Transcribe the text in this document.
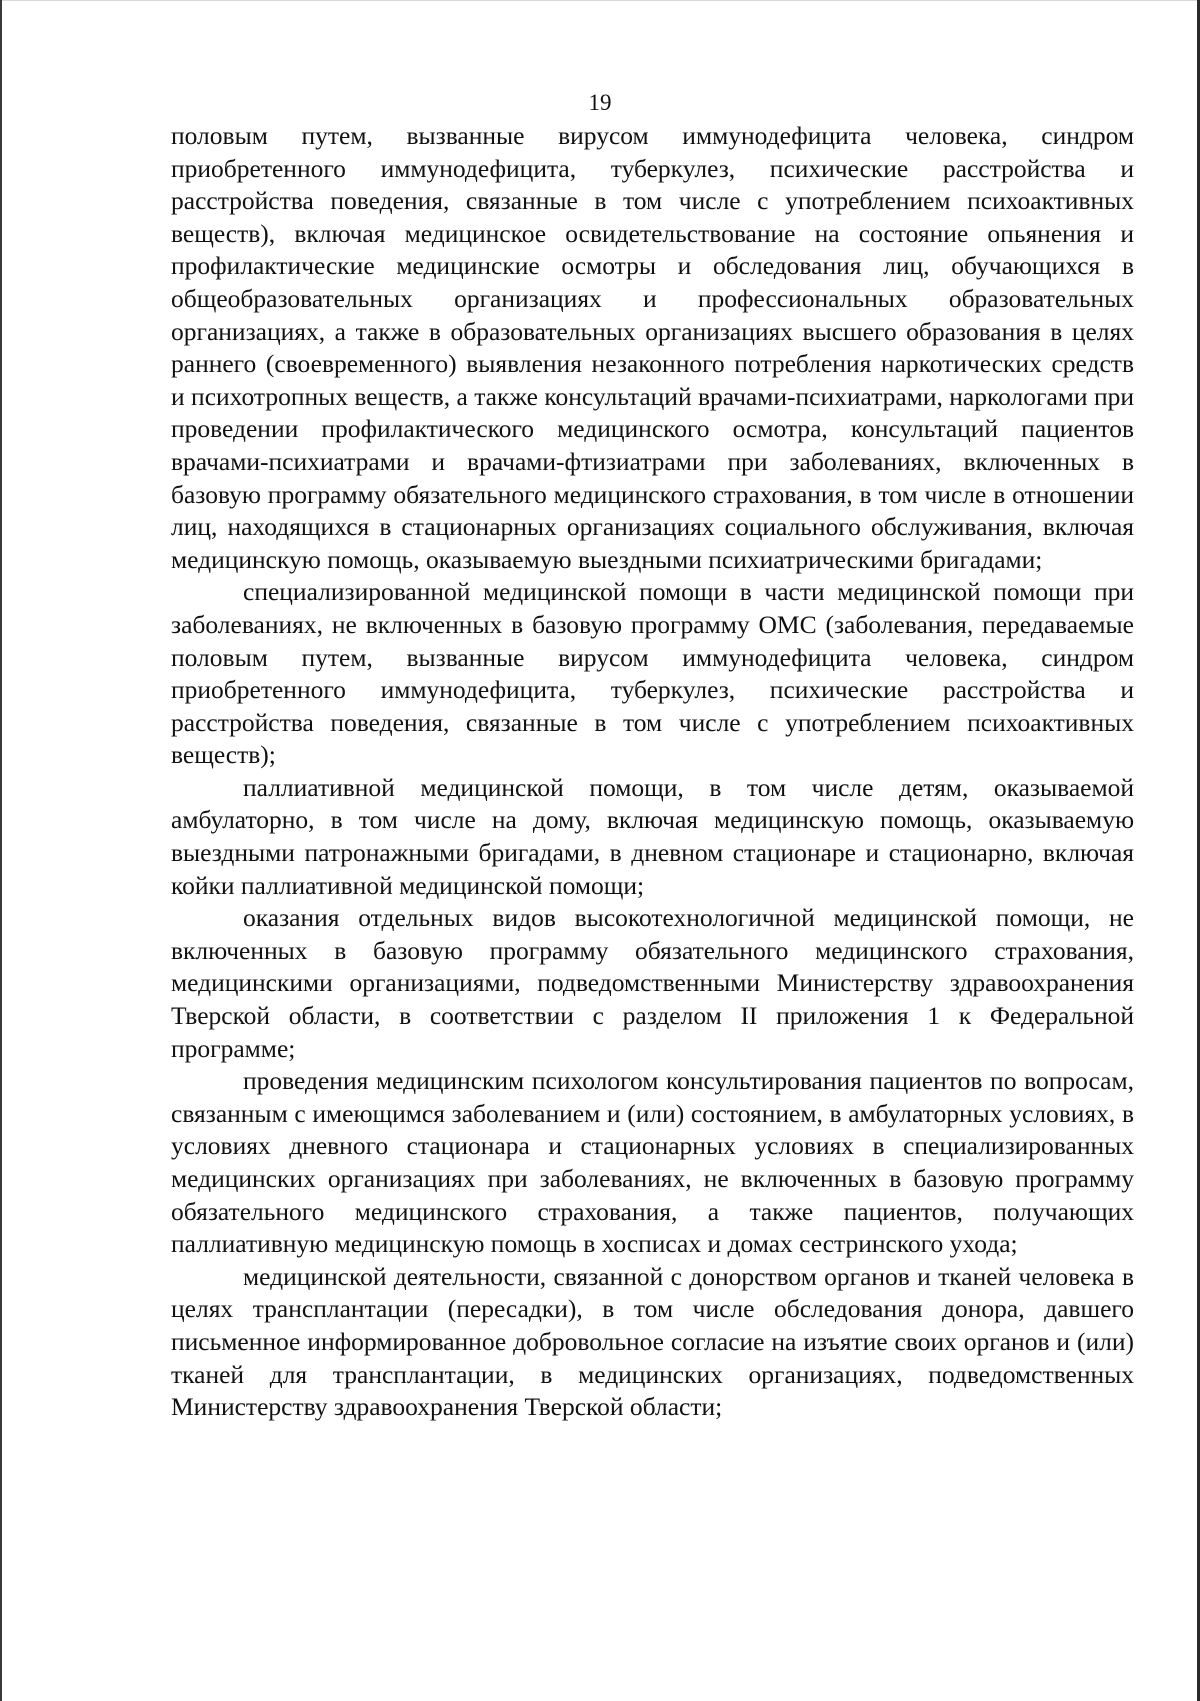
19

половым путем, вызванные вирусом иммунодефицита человека, синдром приобретенного иммунодефицита, туберкулез, психические расстройства и расстройства поведения, связанные в том числе с употреблением психоактивных веществ), включая медицинское освидетельствование на состояние опьянения и профилактические медицинские осмотры и обследования лиц, обучающихся в общеобразовательных организациях и профессиональных образовательных организациях, а также в образовательных организациях высшего образования в целях раннего (своевременного) выявления незаконного потребления наркотических средств и психотропных веществ, а также консультаций врачами-психиатрами, наркологами при проведении профилактического медицинского осмотра, консультаций пациентов врачами-психиатрами и врачами-фтизиатрами при заболеваниях, включенных в базовую программу обязательного медицинского страхования, в том числе в отношении лиц, находящихся в стационарных организациях социального обслуживания, включая медицинскую помощь, оказываемую выездными психиатрическими бригадами;

специализированной медицинской помощи в части медицинской помощи при заболеваниях, не включенных в базовую программу ОМС (заболевания, передаваемые половым путем, вызванные вирусом иммунодефицита человека, синдром приобретенного иммунодефицита, туберкулез, психические расстройства и расстройства поведения, связанные в том числе с употреблением психоактивных веществ);

паллиативной медицинской помощи, в том числе детям, оказываемой амбулаторно, в том числе на дому, включая медицинскую помощь, оказываемую выездными патронажными бригадами, в дневном стационаре и стационарно, включая койки паллиативной медицинской помощи;

оказания отдельных видов высокотехнологичной медицинской помощи, не включенных в базовую программу обязательного медицинского страхования, медицинскими организациями, подведомственными Министерству здравоохранения Тверской области, в соответствии с разделом II приложения 1 к Федеральной программе;

проведения медицинским психологом консультирования пациентов по вопросам, связанным с имеющимся заболеванием и (или) состоянием, в амбулаторных условиях, в условиях дневного стационара и стационарных условиях в специализированных медицинских организациях при заболеваниях, не включенных в базовую программу обязательного медицинского страхования, а также пациентов, получающих паллиативную медицинскую помощь в хосписах и домах сестринского ухода;

медицинской деятельности, связанной с донорством органов и тканей человека в целях трансплантации (пересадки), в том числе обследования донора, давшего письменное информированное добровольное согласие на изъятие своих органов и (или) тканей для трансплантации, в медицинских организациях, подведомственных Министерству здравоохранения Тверской области;
